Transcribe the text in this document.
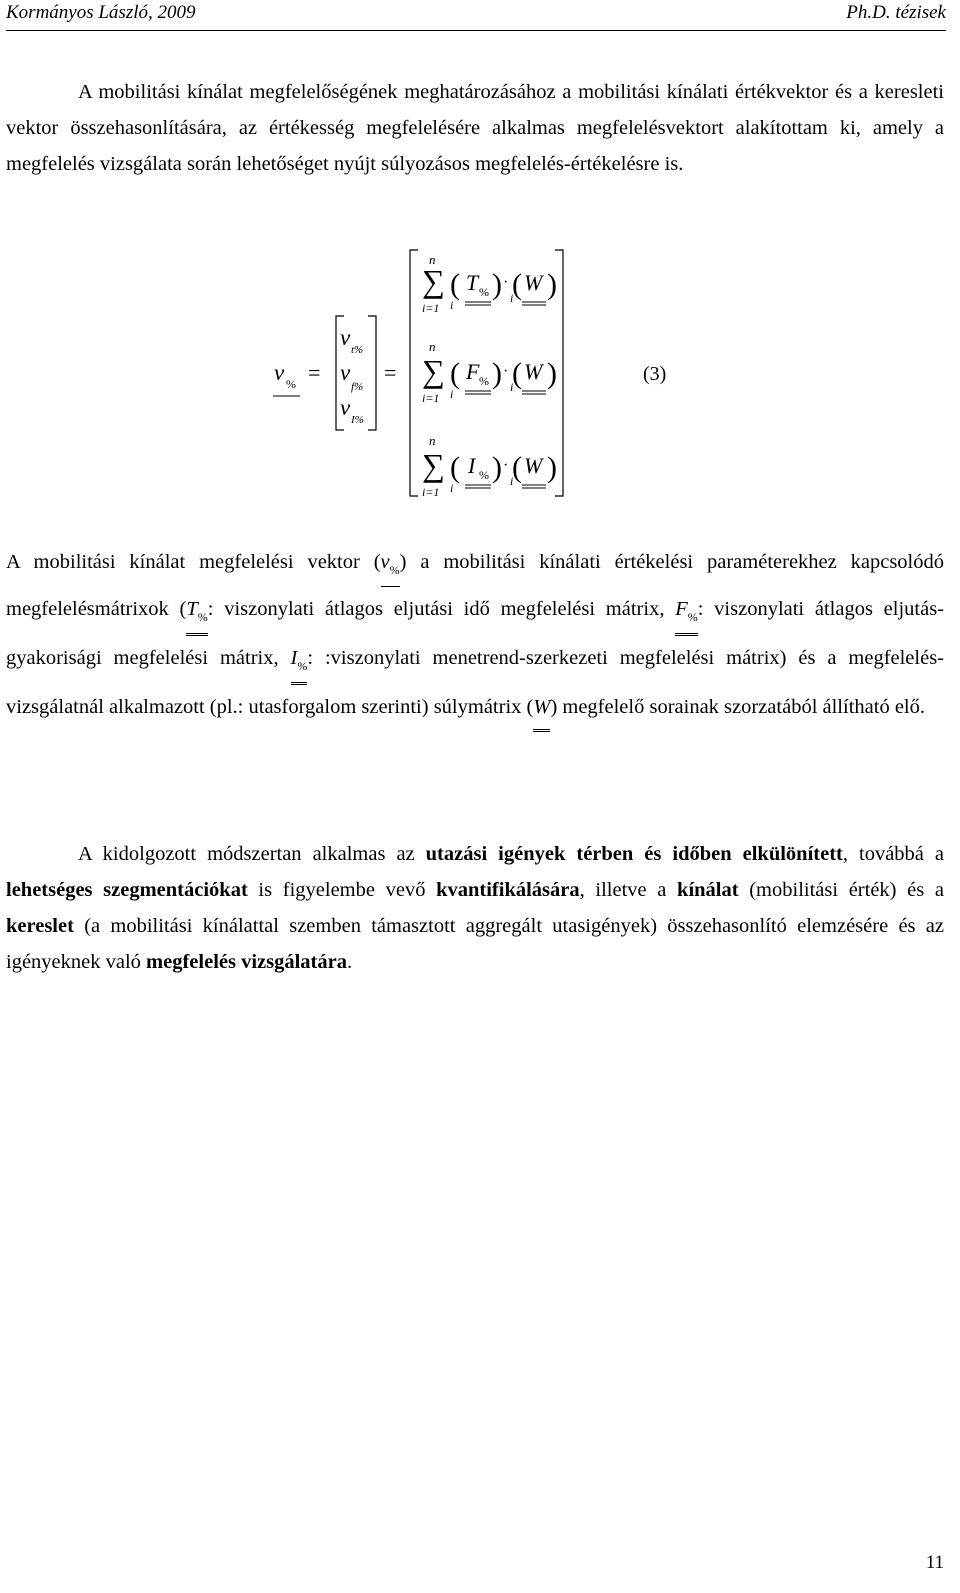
Kormányos László, 2009	Ph.D. tézisek

A mobilitási kínálat megfelelőségének meghatározásához a mobilitási kínálati értékvektor és a keresleti vektor összehasonlítására, az értékesség megfelelésére alkalmas megfelelésvektort alakítottam ki, amely a megfelelés vizsgálata során lehetőséget nyújt súlyozásos megfelelés-értékelésre is.

v % =
v t%
v
f%
v I%
=
n
∑
i=1
( T % )
i
· ( W )
i
n
∑
i=1
( F % )
i
· ( W )
i
n
∑
i=1
( I % )
i
· ( W )
i
(3)

A mobilitási kínálat megfelelési vektor $(v_{\%})$ a mobilitási kínálati értékelési paraméterekhez kapcsolódó megfelelésmátrixok ($T_{\%}$: viszonylati átlagos eljutási idő megfelelési mátrix, $F_{\%}$: viszonylati átlagos eljutás-gyakorisági megfelelési mátrix, $I_{\%}$: :viszonylati menetrend-szerkezeti megfelelési mátrix) és a megfelelés-vizsgálatnál alkalmazott (pl.: utasforgalom szerinti) súlymátrix (W) megfelelő sorainak szorzatából állítható elő.

A kidolgozott módszertan alkalmas az utazási igények térben és időben elkülönített, továbbá a lehetséges szegmentációkat is figyelembe vevő kvantifikálására, illetve a kínálat (mobilitási érték) és a kereslet (a mobilitási kínálattal szemben támasztott aggregált utasigények) összehasonlító elemzésére és az igényeknek való megfelelés vizsgálatára.

11
